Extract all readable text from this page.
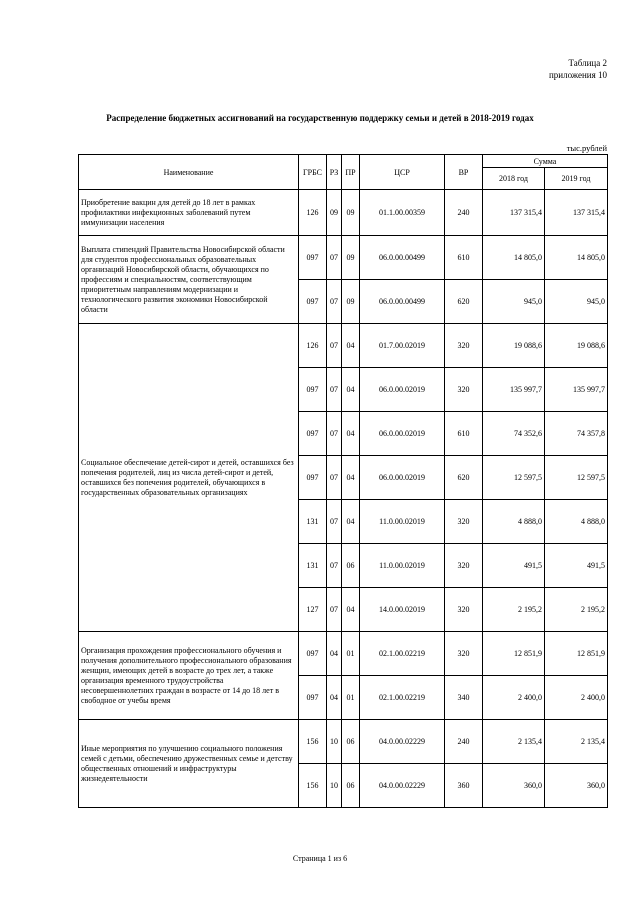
Таблица 2
приложения 10
Распределение бюджетных ассигнований на государственную поддержку семьи и детей в 2018-2019 годах
тыс.рублей
Наименование	ГРБС	РЗ	ПР	ЦСР	ВР	Сумма	
						2018 год	2019 год
Приобретение вакцин для детей до 18 лет в рамках профилактики инфекционных заболеваний путем иммунизации населения	126	09	09	01.1.00.00359	240	137 315,4	137 315,4
Выплата стипендий Правительства Новосибирской области для студентов профессиональных образовательных организаций Новосибирской области, обучающихся по профессиям и специальностям, соответствующим приоритетным направлениям модернизации и технологического развития экономики Новосибирской области	097	07	09	06.0.00.00499	610	14 805,0	14 805,0
	097	07	09	06.0.00.00499	620	945,0	945,0
Социальное обеспечение детей-сирот и детей, оставшихся без попечения родителей, лиц из числа детей-сирот и детей, оставшихся без попечения родителей, обучающихся в государственных образовательных организациях	126	07	04	01.7.00.02019	320	19 088,6	19 088,6
	097	07	04	06.0.00.02019	320	135 997,7	135 997,7
	097	07	04	06.0.00.02019	610	74 352,6	74 357,8
	097	07	04	06.0.00.02019	620	12 597,5	12 597,5
	131	07	04	11.0.00.02019	320	4 888,0	4 888,0
	131	07	06	11.0.00.02019	320	491,5	491,5
	127	07	04	14.0.00.02019	320	2 195,2	2 195,2
Организация прохождения профессионального обучения и получения дополнительного профессионального образования женщин, имеющих детей в возрасте до трех лет, а также организация временного трудоустройства несовершеннолетних граждан в возрасте от 14 до 18 лет в свободное от учебы время	097	04	01	02.1.00.02219	320	12 851,9	12 851,9
	097	04	01	02.1.00.02219	340	2 400,0	2 400,0
Иные мероприятия по улучшению социального положения семей с детьми, обеспечению дружественных семье и детству общественных отношений и инфраструктуры жизнедеятельности	156	10	06	04.0.00.02229	240	2 135,4	2 135,4
	156	10	06	04.0.00.02229	360	360,0	360,0
Страница 1 из 6
